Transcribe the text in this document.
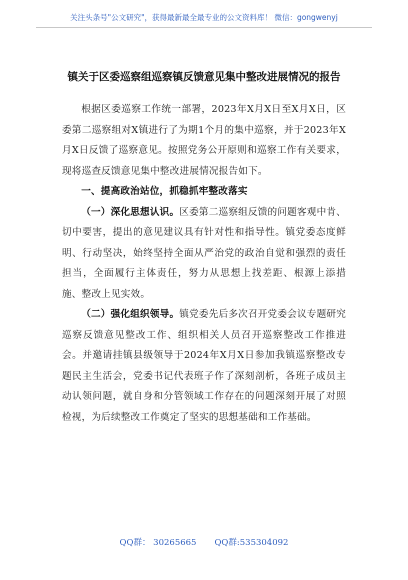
关注头条号"公文研究"，获得最新最全最专业的公文资料库！ 微信：gongwenyj
镇关于区委巡察组巡察镇反馈意见集中整改进展情况的报告

根据区委巡察工作统一部署，2023年X月X日至X月X日，区委第二巡察组对X镇进行了为期1个月的集中巡察，并于2023年X月X日反馈了巡察意见。按照党务公开原则和巡察工作有关要求，现将巡查反馈意见集中整改进展情况报告如下。

一、提高政治站位，抓稳抓牢整改落实

（一）深化思想认识。区委第二巡察组反馈的问题客观中肯、切中要害，提出的意见建议具有针对性和指导性。镇党委态度鲜明、行动坚决，始终坚持全面从严治党的政治自觉和强烈的责任担当，全面履行主体责任，努力从思想上找差距、根源上添措施、整改上见实效。

（二）强化组织领导。镇党委先后多次召开党委会议专题研究巡察反馈意见整改工作、组织相关人员召开巡察整改工作推进会。并邀请挂镇县级领导于2024年X月X日参加我镇巡察整改专题民主生活会，党委书记代表班子作了深刻剖析，各班子成员主动认领问题，就自身和分管领域工作存在的问题深刻开展了对照检视，为后续整改工作奠定了坚实的思想基础和工作基础。

QQ群： 30265665 QQ群:535304092
